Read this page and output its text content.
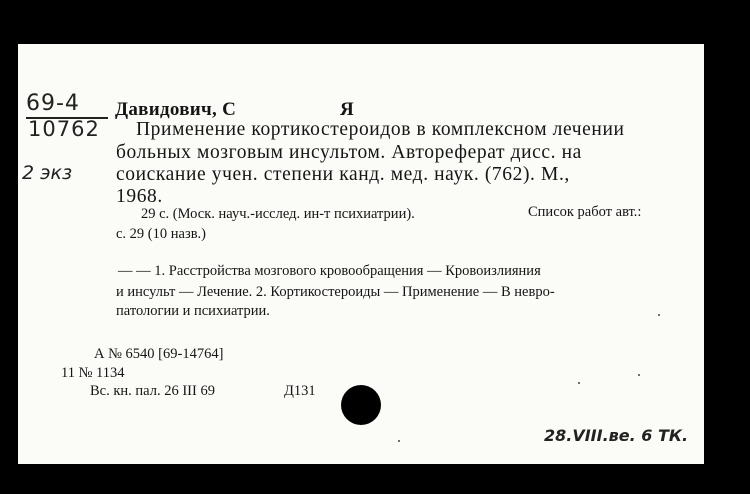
69-4
10762
2 экз
Давидович, С	Я
Применение кортикостероидов в комплексном лечении
больных мозговым инсультом. Автореферат дисс. на
соискание учен. степени канд. мед. наук. (762). М.,
1968.
29 с. (Моск. науч.-исслед. ин-т психиатрии).	Список работ авт.:
с. 29 (10 назв.)
— — 1. Расстройства мозгового кровообращения — Кровоизлияния
и инсульт — Лечение. 2. Кортикостероиды — Применение — В невро-
патологии и психиатрии.
А № 6540 [69-14764]
11 № 1134
Вс. кн. пал. 26 III 69	Д131
28.VIII.ве. 6 ТК.
